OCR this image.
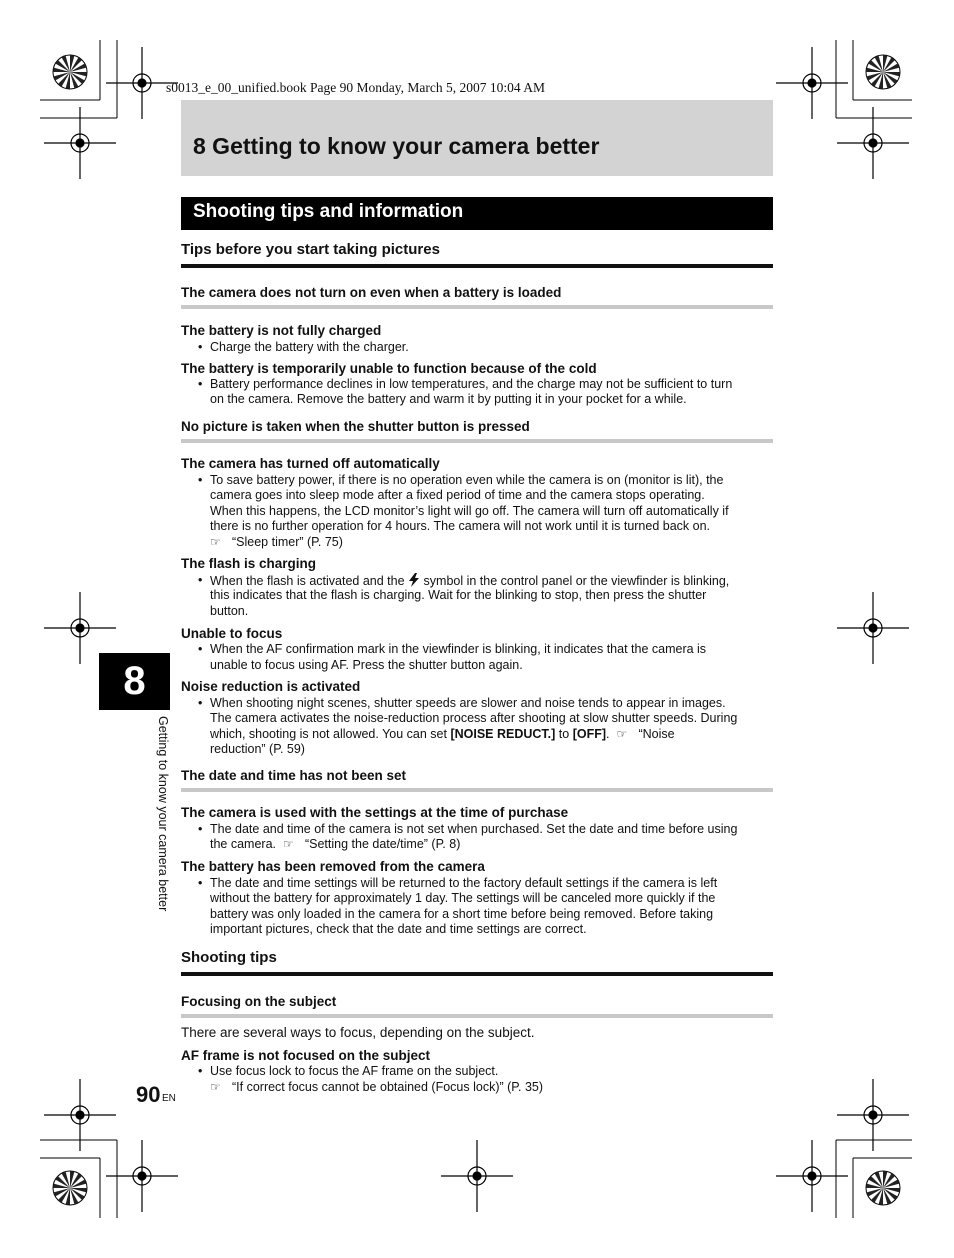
s0013_e_00_unified.book Page 90 Monday, March 5, 2007 10:04 AM
8 Getting to know your camera better
Shooting tips and information
Tips before you start taking pictures
The camera does not turn on even when a battery is loaded
The battery is not fully charged
• Charge the battery with the charger.
The battery is temporarily unable to function because of the cold
• Battery performance declines in low temperatures, and the charge may not be sufficient to turn
on the camera. Remove the battery and warm it by putting it in your pocket for a while.
No picture is taken when the shutter button is pressed
The camera has turned off automatically
• To save battery power, if there is no operation even while the camera is on (monitor is lit), the
camera goes into sleep mode after a fixed period of time and the camera stops operating.
When this happens, the LCD monitor’s light will go off. The camera will turn off automatically if
there is no further operation for 4 hours. The camera will not work until it is turned back on.
☞ “Sleep timer” (P. 75)
The flash is charging
• When the flash is activated and the symbol in the control panel or the viewfinder is blinking,
this indicates that the flash is charging. Wait for the blinking to stop, then press the shutter
button.
Unable to focus
• When the AF confirmation mark in the viewfinder is blinking, it indicates that the camera is
unable to focus using AF. Press the shutter button again.
Noise reduction is activated
• When shooting night scenes, shutter speeds are slower and noise tends to appear in images.
The camera activates the noise-reduction process after shooting at slow shutter speeds. During
which, shooting is not allowed. You can set [NOISE REDUCT.] to [OFF]. ☞ “Noise
reduction” (P. 59)
The date and time has not been set
The camera is used with the settings at the time of purchase
• The date and time of the camera is not set when purchased. Set the date and time before using
the camera. ☞ “Setting the date/time” (P. 8)
The battery has been removed from the camera
• The date and time settings will be returned to the factory default settings if the camera is left
without the battery for approximately 1 day. The settings will be canceled more quickly if the
battery was only loaded in the camera for a short time before being removed. Before taking
important pictures, check that the date and time settings are correct.
Shooting tips
Focusing on the subject
There are several ways to focus, depending on the subject.
AF frame is not focused on the subject
• Use focus lock to focus the AF frame on the subject.
☞ “If correct focus cannot be obtained (Focus lock)” (P. 35)
8
Getting to know your camera better
90 EN
